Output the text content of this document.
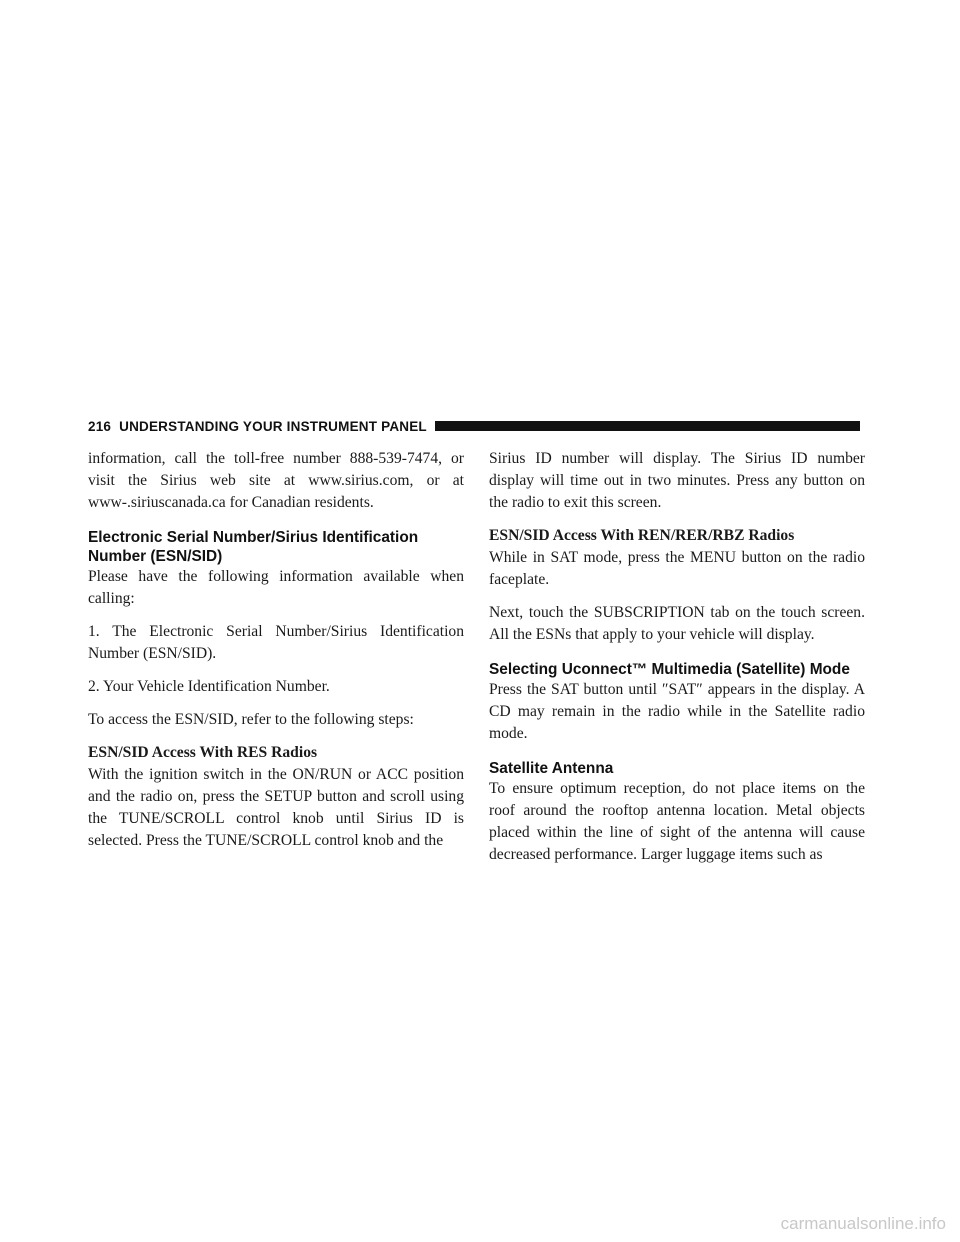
216 UNDERSTANDING YOUR INSTRUMENT PANEL

information, call the toll-free number 888-539-7474, or visit the Sirius web site at www.sirius.com, or at www-.siriuscanada.ca for Canadian residents.

Electronic Serial Number/Sirius Identification Number (ESN/SID)

Please have the following information available when calling:

1. The Electronic Serial Number/Sirius Identification Number (ESN/SID).

2. Your Vehicle Identification Number.

To access the ESN/SID, refer to the following steps:

ESN/SID Access With RES Radios

With the ignition switch in the ON/RUN or ACC position and the radio on, press the SETUP button and scroll using the TUNE/SCROLL control knob until Sirius ID is selected. Press the TUNE/SCROLL control knob and the

Sirius ID number will display. The Sirius ID number display will time out in two minutes. Press any button on the radio to exit this screen.

ESN/SID Access With REN/RER/RBZ Radios

While in SAT mode, press the MENU button on the radio faceplate.

Next, touch the SUBSCRIPTION tab on the touch screen. All the ESNs that apply to your vehicle will display.

Selecting Uconnect™ Multimedia (Satellite) Mode

Press the SAT button until ″SAT″ appears in the display. A CD may remain in the radio while in the Satellite radio mode.

Satellite Antenna

To ensure optimum reception, do not place items on the roof around the rooftop antenna location. Metal objects placed within the line of sight of the antenna will cause decreased performance. Larger luggage items such as

carmanualsonline.info
